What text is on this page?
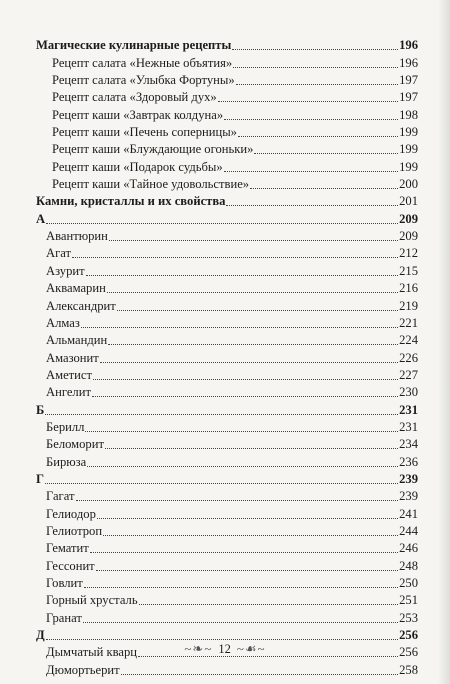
Магические кулинарные рецепты	196
Рецепт салата «Нежные объятия»	196
Рецепт салата «Улыбка Фортуны»	197
Рецепт салата «Здоровый дух»	197
Рецепт каши «Завтрак колдуна»	198
Рецепт каши «Печень соперницы»	199
Рецепт каши «Блуждающие огоньки»	199
Рецепт каши «Подарок судьбы»	199
Рецепт каши «Тайное удовольствие»	200
Камни, кристаллы и их свойства	201
А	209
Авантюрин	209
Агат	212
Азурит	215
Аквамарин	216
Александрит	219
Алмаз	221
Альмандин	224
Амазонит	226
Аметист	227
Ангелит	230
Б	231
Берилл	231
Беломорит	234
Бирюза	236
Г	239
Гагат	239
Гелиодор	241
Гелиотроп	244
Гематит	246
Гессонит	248
Говлит	250
Горный хрусталь	251
Гранат	253
Д	256
Дымчатый кварц	256
Дюмортьерит	258
~❧~ 12 ~☙~
